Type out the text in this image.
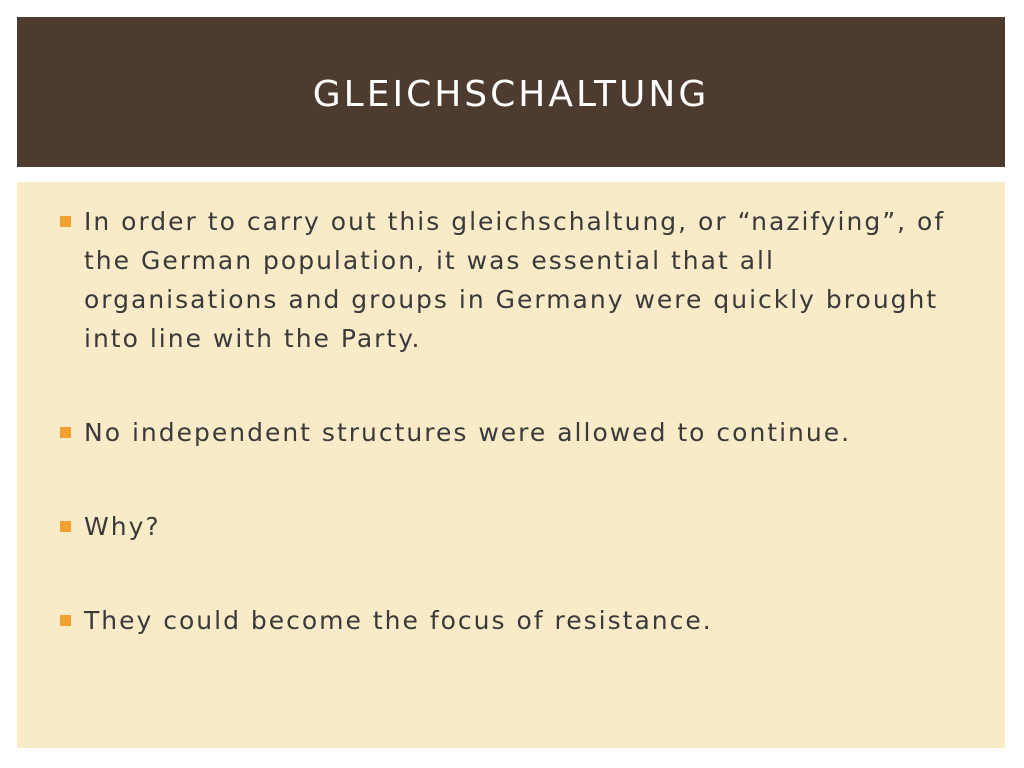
GLEICHSCHALTUNG
In order to carry out this gleichschaltung, or “nazifying”, of the German population, it was essential that all organisations and groups in Germany were quickly brought into line with the Party.
No independent structures were allowed to continue.
Why?
They could become the focus of resistance.
